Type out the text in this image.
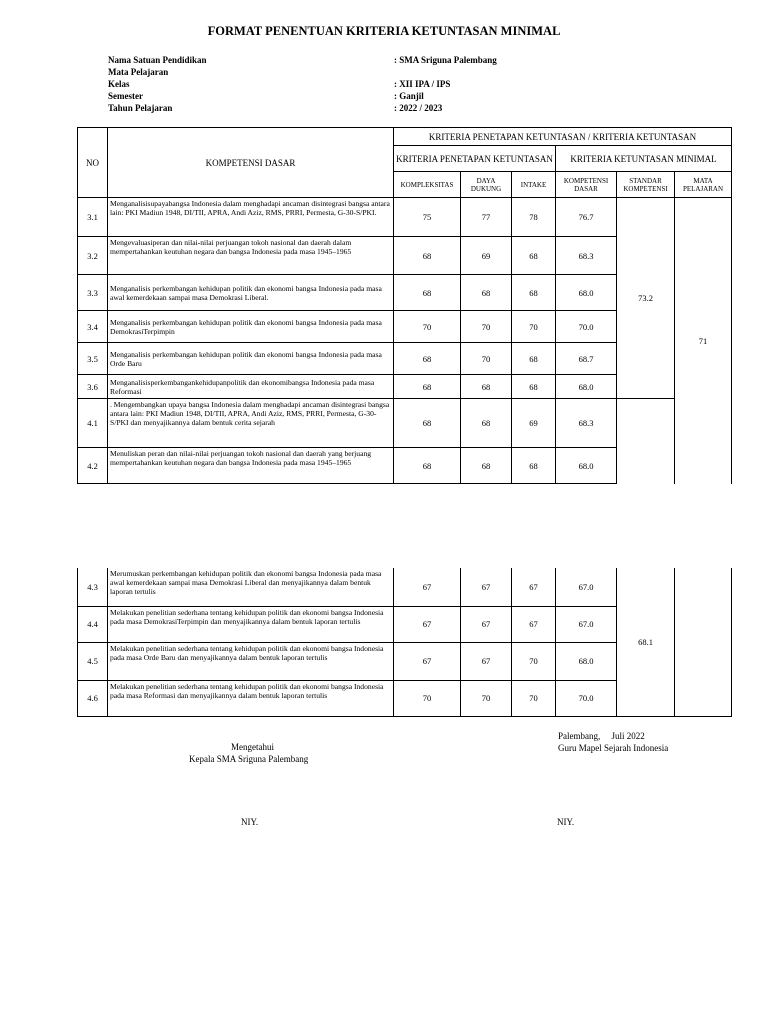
FORMAT PENENTUAN KRITERIA KETUNTASAN MINIMAL
Nama Satuan Pendidikan	: SMA Sriguna Palembang
Mata Pelajaran
Kelas	: XII IPA / IPS
Semester	: Ganjil
Tahun Pelajaran	: 2022 / 2023
NO	KOMPETENSI DASAR	KRITERIA PENETAPAN KETUNTASAN / KRITERIA KETUNTASAN					
		KRITERIA PENETAPAN KETUNTASAN			KRITERIA KETUNTASAN MINIMAL		
		KOMPLEKSITAS	DAYA DUKUNG	INTAKE	KOMPETENSI DASAR	STANDAR KOMPETENSI	MATA PELAJARAN
3.1	Menganalisisupayabangsa Indonesia dalam menghadapi ancaman disintegrasi bangsa antara lain: PKI Madiun 1948, DI/TII, APRA, Andi Aziz, RMS, PRRI, Permesta, G-30-S/PKI.	75	77	78	76.7	73.2	71
3.2	Mengevaluasiperan dan nilai-nilai perjuangan tokoh nasional dan daerah dalam mempertahankan keutuhan negara dan bangsa Indonesia pada masa 1945–1965	68	69	68	68.3		
3.3	Menganalisis perkembangan kehidupan politik dan ekonomi bangsa Indonesia pada masa awal kemerdekaan sampai masa Demokrasi Liberal.	68	68	68	68.0		
3.4	Menganalisis perkembangan kehidupan politik dan ekonomi bangsa Indonesia pada masa DemokrasiTerpimpin	70	70	70	70.0		
3.5	Menganalisis perkembangan kehidupan politik dan ekonomi bangsa Indonesia pada masa Orde Baru	68	70	68	68.7		
3.6	Menganalisisperkembangankehidupanpolitik dan ekonomibangsa Indonesia pada masa Reformasi	68	68	68	68.0		
4.1	. Mengembangkan upaya bangsa Indonesia dalam menghadapi ancaman disintegrasi bangsa antara lain: PKI Madiun 1948, DI/TII, APRA, Andi Aziz, RMS, PRRI, Permesta, G-30-S/PKI dan menyajikannya dalam bentuk cerita sejarah	68	68	69	68.3		
4.2	Menuliskan peran dan nilai-nilai perjuangan tokoh nasional dan daerah yang berjuang mempertahankan keutuhan negara dan bangsa Indonesia pada masa 1945–1965	68	68	68	68.0		
4.3	Merumuskan perkembangan kehidupan politik dan ekonomi bangsa Indonesia pada masa awal kemerdekaan sampai masa Demokrasi Liberal dan menyajikannya dalam bentuk laporan tertulis	67	67	67	67.0	68.1	
4.4	Melakukan penelitian sederhana tentang kehidupan politik dan ekonomi bangsa Indonesia pada masa DemokrasiTerpimpin dan menyajikannya dalam bentuk laporan tertulis	67	67	67	67.0		
4.5	Melakukan penelitian sederhana tentang kehidupan politik dan ekonomi bangsa Indonesia pada masa Orde Baru dan menyajikannya dalam bentuk laporan tertulis	67	67	70	68.0		
4.6	Melakukan penelitian sederhana tentang kehidupan politik dan ekonomi bangsa Indonesia pada masa Reformasi dan menyajikannya dalam bentuk laporan tertulis	70	70	70	70.0		
Palembang, Juli 2022
Guru Mapel Sejarah Indonesia
Mengetahui
Kepala SMA Sriguna Palembang
NIY.	NIY.
